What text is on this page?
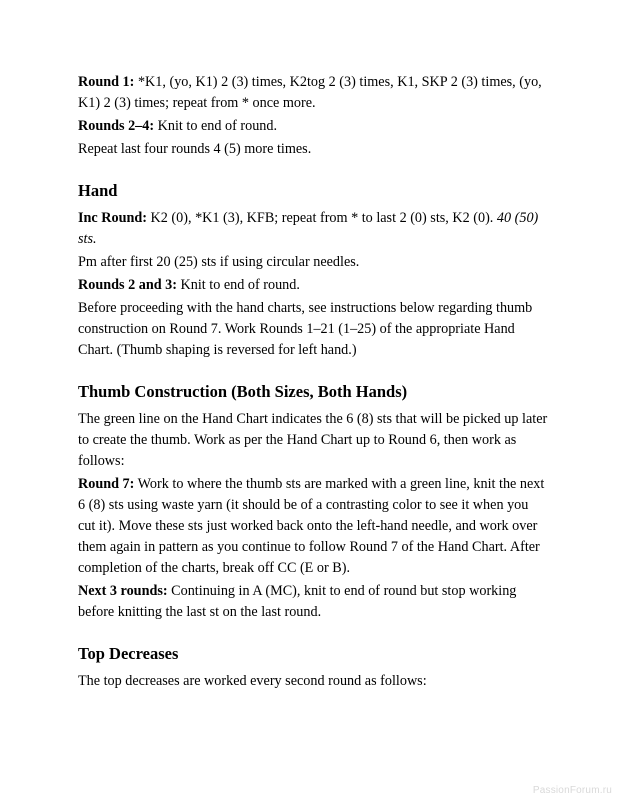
Round 1: *K1, (yo, K1) 2 (3) times, K2tog 2 (3) times, K1, SKP 2 (3) times, (yo, K1) 2 (3) times; repeat from * once more.

Rounds 2–4: Knit to end of round.

Repeat last four rounds 4 (5) more times.

Hand

Inc Round: K2 (0), *K1 (3), KFB; repeat from * to last 2 (0) sts, K2 (0). 40 (50) sts.

Pm after first 20 (25) sts if using circular needles.

Rounds 2 and 3: Knit to end of round.

Before proceeding with the hand charts, see instructions below regarding thumb construction on Round 7. Work Rounds 1–21 (1–25) of the appropriate Hand Chart. (Thumb shaping is reversed for left hand.)

Thumb Construction (Both Sizes, Both Hands)

The green line on the Hand Chart indicates the 6 (8) sts that will be picked up later to create the thumb. Work as per the Hand Chart up to Round 6, then work as follows:

Round 7: Work to where the thumb sts are marked with a green line, knit the next 6 (8) sts using waste yarn (it should be of a contrasting color to see it when you cut it). Move these sts just worked back onto the left-hand needle, and work over them again in pattern as you continue to follow Round 7 of the Hand Chart. After completion of the charts, break off CC (E or B).

Next 3 rounds: Continuing in A (MC), knit to end of round but stop working before knitting the last st on the last round.

Top Decreases

The top decreases are worked every second round as follows:

PassionForum.ru
